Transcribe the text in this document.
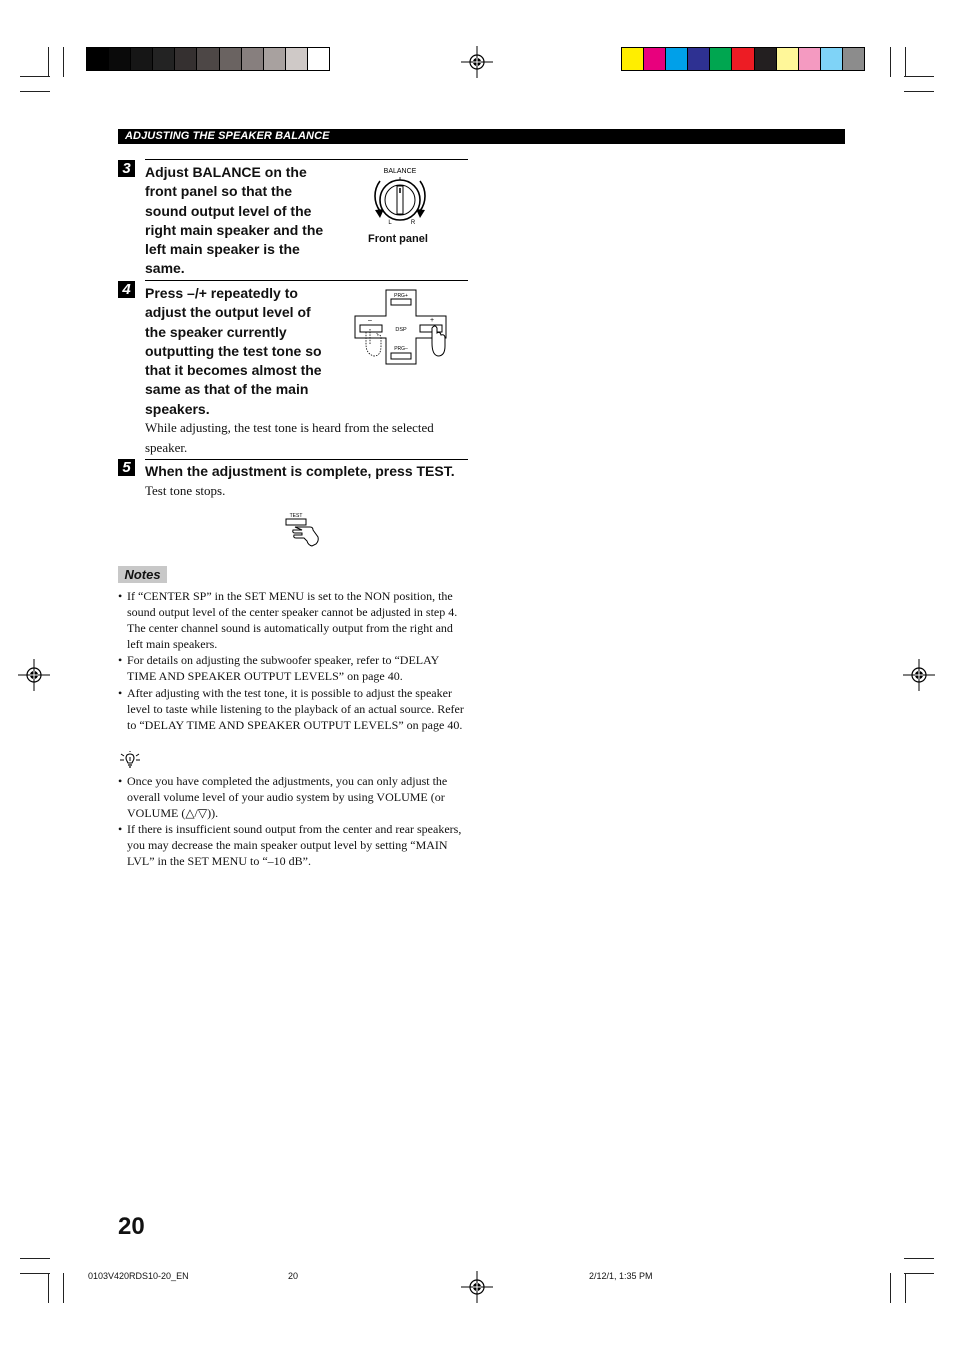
ADJUSTING THE SPEAKER BALANCE
3	Adjust BALANCE on the
front panel so that the
sound output level of the
right main speaker and the
left main speaker is the
same.
BALANCE
L	R
Front panel
4	Press –/+ repeatedly to
adjust the output level of
the speaker currently
outputting the test tone so
that it becomes almost the
same as that of the main
speakers.
PRG+
PRG–
DSP
–	+
While adjusting, the test tone is heard from the selected speaker.
5	When the adjustment is complete, press TEST.
Test tone stops.
TEST
Notes
• If “CENTER SP” in the SET MENU is set to the NON position, the sound output level of the center speaker cannot be adjusted in step 4. The center channel sound is automatically output from the right and left main speakers.
• For details on adjusting the subwoofer speaker, refer to “DELAY TIME AND SPEAKER OUTPUT LEVELS” on page 40.
• After adjusting with the test tone, it is possible to adjust the speaker level to taste while listening to the playback of an actual source. Refer to “DELAY TIME AND SPEAKER OUTPUT LEVELS” on page 40.
• Once you have completed the adjustments, you can only adjust the overall volume level of your audio system by using VOLUME (or VOLUME (△/▽)).
• If there is insufficient sound output from the center and rear speakers, you may decrease the main speaker output level by setting “MAIN LVL” in the SET MENU to “–10 dB”.
20
0103V420RDS10-20_EN	20	2/12/1, 1:35 PM
